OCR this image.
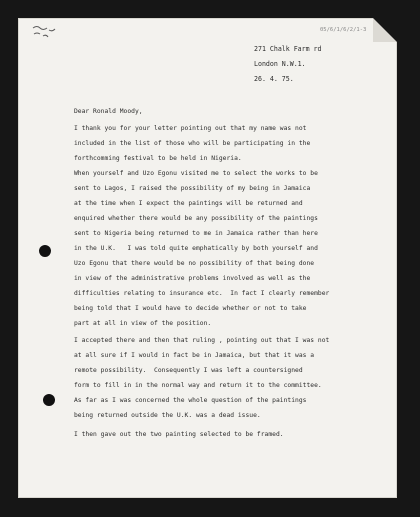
05/6/1/6/2/1-3
271 Chalk Farm rd
London N.W.1.
26. 4. 75.
Dear Ronald Moody,
I thank you for your letter pointing out that my name was not
included in the list of those who will be participating in the
forthcomming festival to be held in Nigeria.
When yourself and Uzo Egonu visited me to select the works to be
sent to Lagos, I raised the possibility of my being in Jamaica
at the time when I expect the paintings will be returned and
enquired whether there would be any possibility of the paintings
sent to Nigeria being returned to me in Jamaica rather than here
in the U.K.   I was told quite emphatically by both yourself and
Uzo Egonu that there would be no possibility of that being done
in view of the administrative problems involved as well as the
difficulties relating to insurance etc.  In fact I clearly remember
being told that I would have to decide whether or not to take
part at all in view of the position.
I accepted there and then that ruling , pointing out that I was not
at all sure if I would in fact be in Jamaica, but that it was a
remote possibility.  Consequently I was left a countersigned
form to fill in in the normal way and return it to the committee.
As far as I was concerned the whole question of the paintings
being returned outside the U.K. was a dead issue.
I then gave out the two painting selected to be framed.
